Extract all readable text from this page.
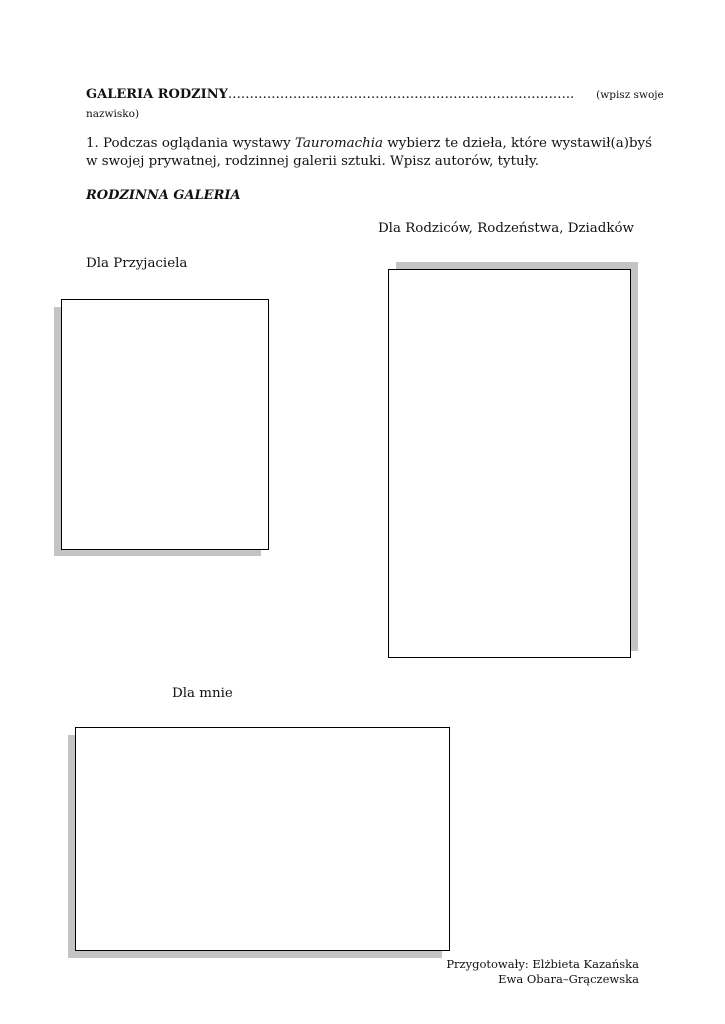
GALERIA RODZINY…………………………………………………………………….. (wpisz swoje
nazwisko)
1. Podczas oglądania wystawy Tauromachia wybierz te dzieła, które wystawił(a)byś
w swojej prywatnej, rodzinnej galerii sztuki. Wpisz autorów, tytuły.
RODZINNA GALERIA
Dla Rodziców, Rodzeństwa, Dziadków
Dla Przyjaciela
Dla mnie
Przygotowały: Elżbieta Kazańska
Ewa Obara–Grączewska
